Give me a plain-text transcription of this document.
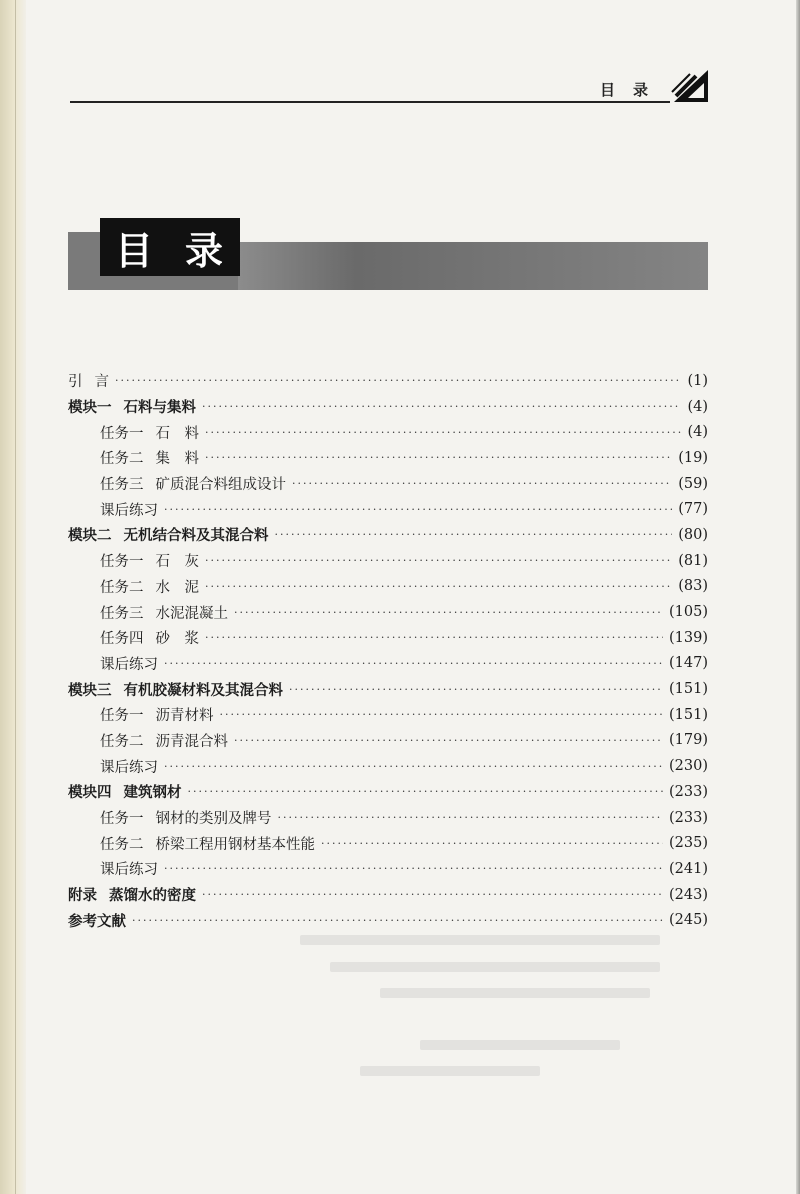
目 录
目 录
引 言 ·····	(1)
模块一 石料与集料 ·····	(4)
任务一 石　料 ·····	(4)
任务二 集　料 ·····	(19)
任务三 矿质混合料组成设计 ·····	(59)
课后练习 ·····	(77)
模块二 无机结合料及其混合料 ·····	(80)
任务一 石　灰 ·····	(81)
任务二 水　泥 ·····	(83)
任务三 水泥混凝土 ·····	(105)
任务四 砂　浆 ·····	(139)
课后练习 ·····	(147)
模块三 有机胶凝材料及其混合料 ·····	(151)
任务一 沥青材料 ·····	(151)
任务二 沥青混合料 ·····	(179)
课后练习 ·····	(230)
模块四 建筑钢材 ·····	(233)
任务一 钢材的类别及牌号 ·····	(233)
任务二 桥梁工程用钢材基本性能 ·····	(235)
课后练习 ·····	(241)
附录 蒸馏水的密度 ·····	(243)
参考文献 ·····	(245)
